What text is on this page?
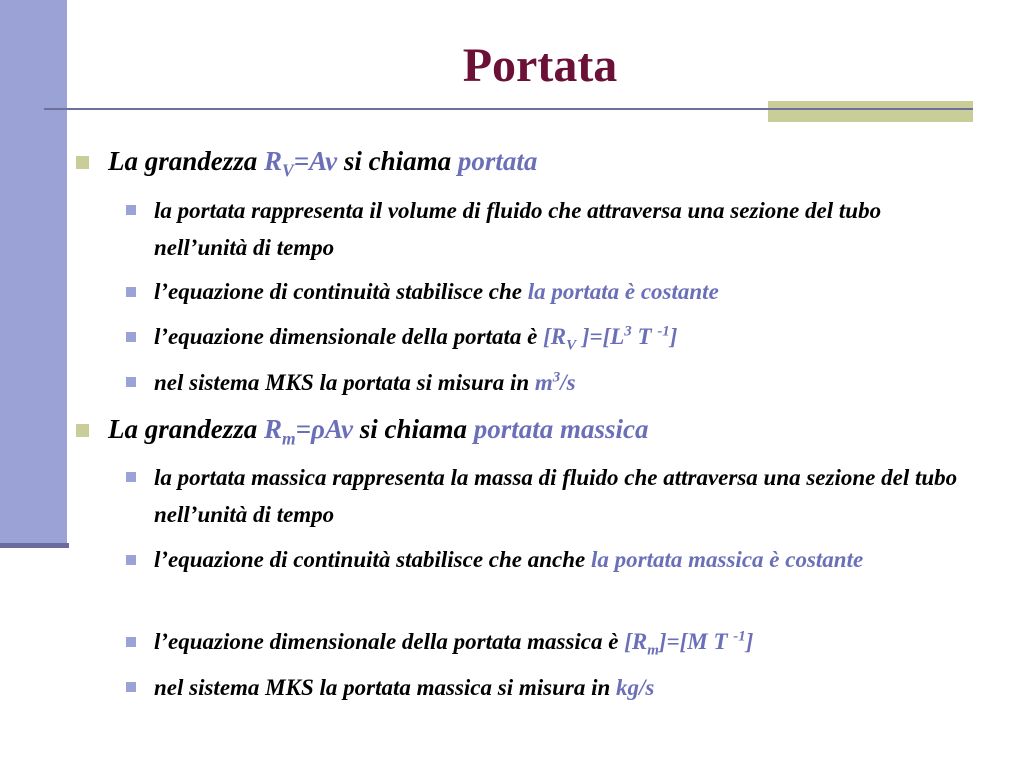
Portata
La grandezza $R_V=Av$ si chiama portata
la portata rappresenta il volume di fluido che attraversa una sezione del tubo nell’unità di tempo
l’equazione di continuità stabilisce che la portata è costante
l’equazione dimensionale della portata è [$R_V$ ]$=[L^3$ T $^{-1}$]
nel sistema MKS la portata si misura in $m^3/s$
La grandezza $R_m=\rho Av$ si chiama portata massica
la portata massica rappresenta la massa di fluido che attraversa una sezione del tubo nell’unità di tempo
l’equazione di continuità stabilisce che anche la portata massica è costante
l’equazione dimensionale della portata massica è $[R_m]=[M$ T $^{-1}$]
nel sistema MKS la portata massica si misura in kg/s
